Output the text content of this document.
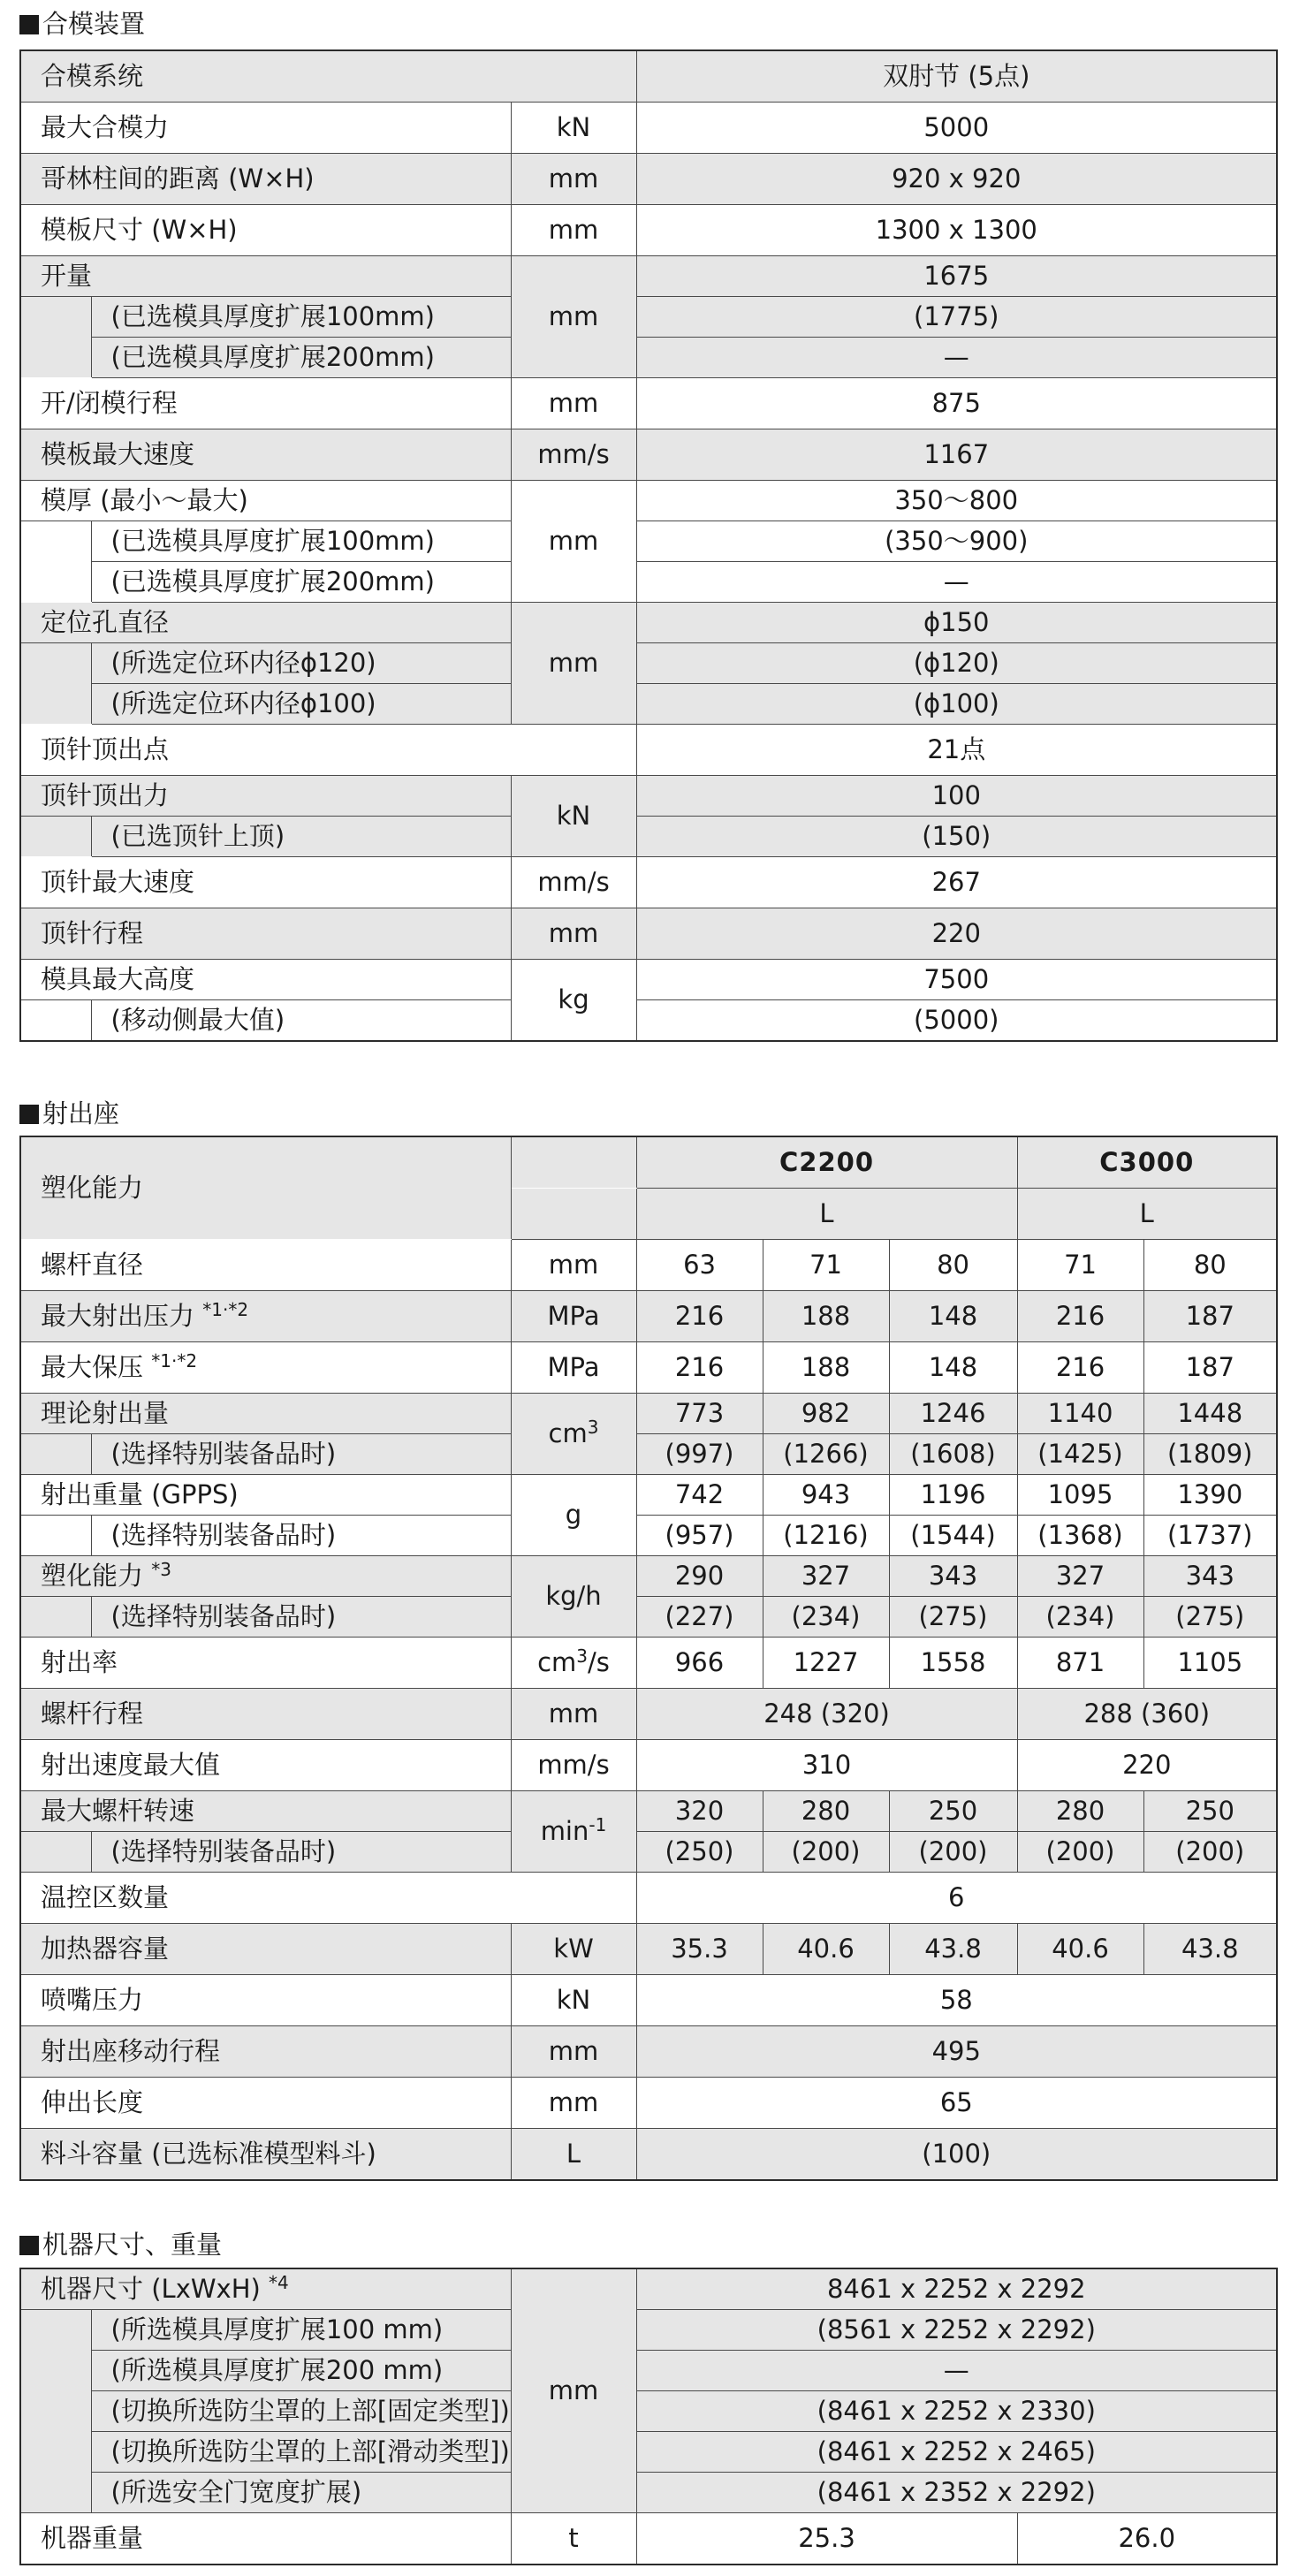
合模装置
合模系统			双肘节 (5点)
最大合模力		kN	5000
哥林柱间的距离 (W×H)		mm	920 x 920
模板尺寸 (W×H)		mm	1300 x 1300
开量		mm	1675
	(已选模具厚度扩展100mm)		(1775)
	(已选模具厚度扩展200mm)		—
开/闭模行程		mm	875
模板最大速度		mm/s	1167
模厚 (最小～最大)		mm	350～800
	(已选模具厚度扩展100mm)		(350～900)
	(已选模具厚度扩展200mm)		—
定位孔直径		mm	ϕ150
	(所选定位环内径ϕ120)		(ϕ120)
	(所选定位环内径ϕ100)		(ϕ100)
顶针顶出点			21点
顶针顶出力		kN	100
	(已选顶针上顶)		(150)
顶针最大速度		mm/s	267
顶针行程		mm	220
模具最大高度		kg	7500
	(移动侧最大值)		(5000)
射出座
塑化能力			C2200			C3000	
			L			L	
螺杆直径		mm	63	71	80	71	80
最大射出压力 $^{*1\cdot*2}$		MPa	216	188	148	216	187
最大保压 $^{*1\cdot*2}$		MPa	216	188	148	216	187
理论射出量		$cm^3$	773	982	1246	1140	1448
	(选择特别装备品时)		(997)	(1266)	(1608)	(1425)	(1809)
射出重量 (GPPS)		g	742	943	1196	1095	1390
	(选择特别装备品时)		(957)	(1216)	(1544)	(1368)	(1737)
塑化能力 $^{*3}$		kg/h	290	327	343	327	343
	(选择特别装备品时)		(227)	(234)	(275)	(234)	(275)
射出率		$cm^3/s$	966	1227	1558	871	1105
螺杆行程		mm	248 (320)			288 (360)	
射出速度最大值		mm/s	310			220	
最大螺杆转速		$\min^{-1}$	320	280	250	280	250
	(选择特别装备品时)		(250)	(200)	(200)	(200)	(200)
温控区数量			6				
加热器容量		kW	35.3	40.6	43.8	40.6	43.8
喷嘴压力		kN	58				
射出座移动行程		mm	495				
伸出长度		mm	65				
料斗容量 (已选标准模型料斗)		L	(100)				
机器尺寸、重量
机器尺寸 (LxWxH) $^{*4}$		mm	8461 x 2252 x 2292	
	(所选模具厚度扩展100 mm)		(8561 x 2252 x 2292)	
	(所选模具厚度扩展200 mm)		—	
	(切换所选防尘罩的上部[固定类型])		(8461 x 2252 x 2330)	
	(切换所选防尘罩的上部[滑动类型])		(8461 x 2252 x 2465)	
	(所选安全门宽度扩展)		(8461 x 2352 x 2292)	
机器重量		t	25.3	26.0
